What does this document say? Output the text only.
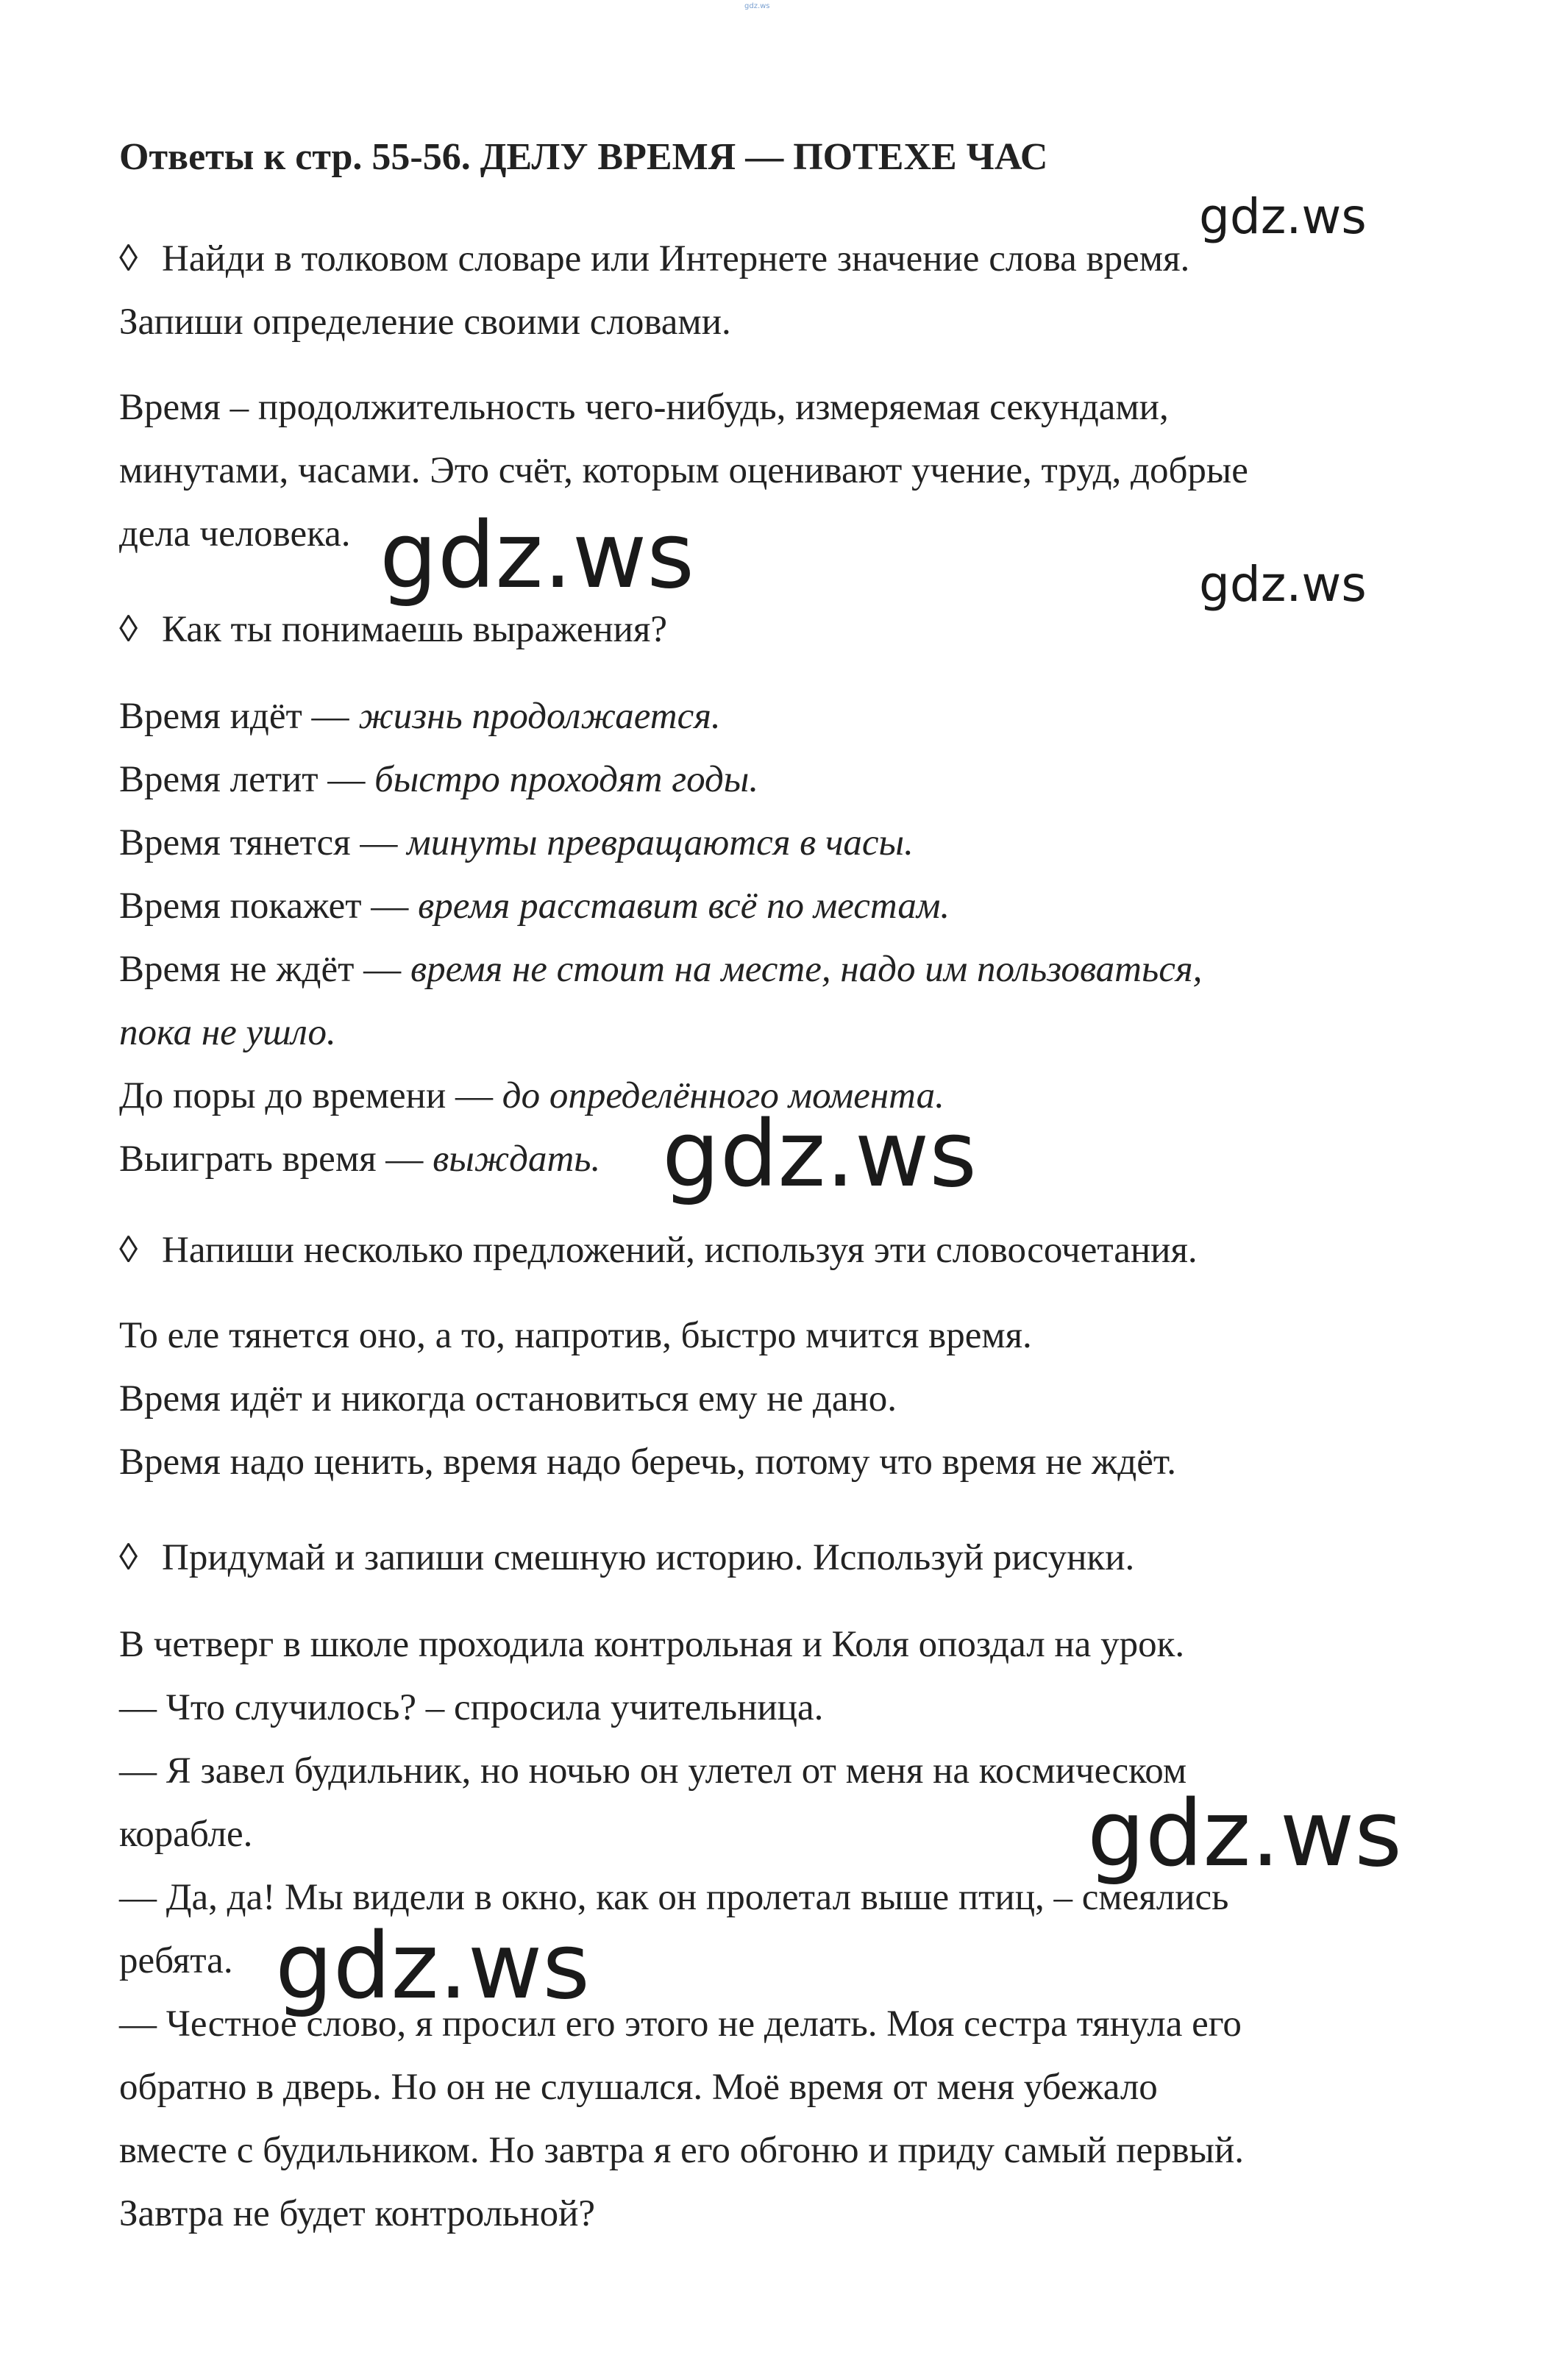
gdz.ws
Ответы к стр. 55-56. ДЕЛУ ВРЕМЯ — ПОТЕХЕ ЧАС
◊ Найди в толковом словаре или Интернете значение слова время.
Запиши определение своими словами.
Время – продолжительность чего-нибудь, измеряемая секундами,
минутами, часами. Это счёт, которым оценивают учение, труд, добрые
дела человека.
◊ Как ты понимаешь выражения?
Время идёт — жизнь продолжается.
Время летит — быстро проходят годы.
Время тянется — минуты превращаются в часы.
Время покажет — время расставит всё по местам.
Время не ждёт — время не стоит на месте, надо им пользоваться,
пока не ушло.
До поры до времени — до определённого момента.
Выиграть время — выждать.
◊ Напиши несколько предложений, используя эти словосочетания.
То еле тянется оно, а то, напротив, быстро мчится время.
Время идёт и никогда остановиться ему не дано.
Время надо ценить, время надо беречь, потому что время не ждёт.
◊ Придумай и запиши смешную историю. Используй рисунки.
В четверг в школе проходила контрольная и Коля опоздал на урок.
— Что случилось? – спросила учительница.
— Я завел будильник, но ночью он улетел от меня на космическом
корабле.
— Да, да! Мы видели в окно, как он пролетал выше птиц, – смеялись
ребята.
— Честное слово, я просил его этого не делать. Моя сестра тянула его
обратно в дверь. Но он не слушался. Моё время от меня убежало
вместе с будильником. Но завтра я его обгоню и приду самый первый.
Завтра не будет контрольной?
gdz.ws
gdz.ws	gdz.ws
gdz.ws
gdz.ws
gdz.ws
